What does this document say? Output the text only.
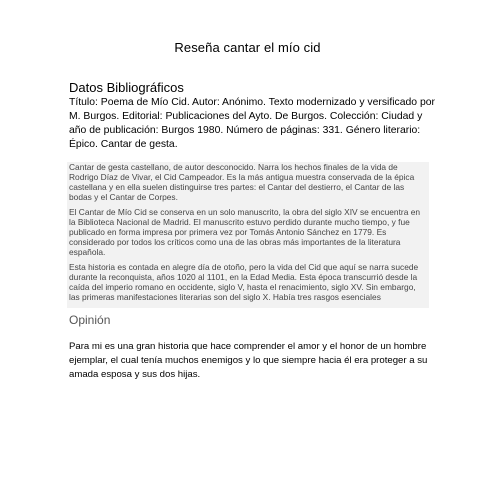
Reseña cantar el mío cid
Datos Bibliográficos

Título: Poema de Mío Cid. Autor: Anónimo. Texto modernizado y versificado por M. Burgos. Editorial: Publicaciones del Ayto. De Burgos. Colección: Ciudad y año de publicación: Burgos 1980. Número de páginas: 331. Género literario: Épico. Cantar de gesta.

Cantar de gesta castellano, de autor desconocido. Narra los hechos finales de la vida de Rodrigo Díaz de Vivar, el Cid Campeador. Es la más antigua muestra conservada de la épica castellana y en ella suelen distinguirse tres partes: el Cantar del destierro, el Cantar de las bodas y el Cantar de Corpes.

El Cantar de Mío Cid se conserva en un solo manuscrito, la obra del siglo XIV se encuentra en la Biblioteca Nacional de Madrid. El manuscrito estuvo perdido durante mucho tiempo, y fue publicado en forma impresa por primera vez por Tomás Antonio Sánchez en 1779. Es considerado por todos los críticos como una de las obras más importantes de la literatura española.

Esta historia es contada en alegre día de otoño, pero la vida del Cid que aquí se narra sucede durante la reconquista, años 1020 al 1101, en la Edad Media. Esta época transcurrió desde la caída del imperio romano en occidente, siglo V, hasta el renacimiento, siglo XV. Sin embargo, las primeras manifestaciones literarias son del siglo X. Había tres rasgos esenciales

Opinión

Para mi es una gran historia que hace comprender el amor y el honor de un hombre ejemplar, el cual tenía muchos enemigos y lo que siempre hacia él era proteger a su amada esposa y sus dos hijas.
